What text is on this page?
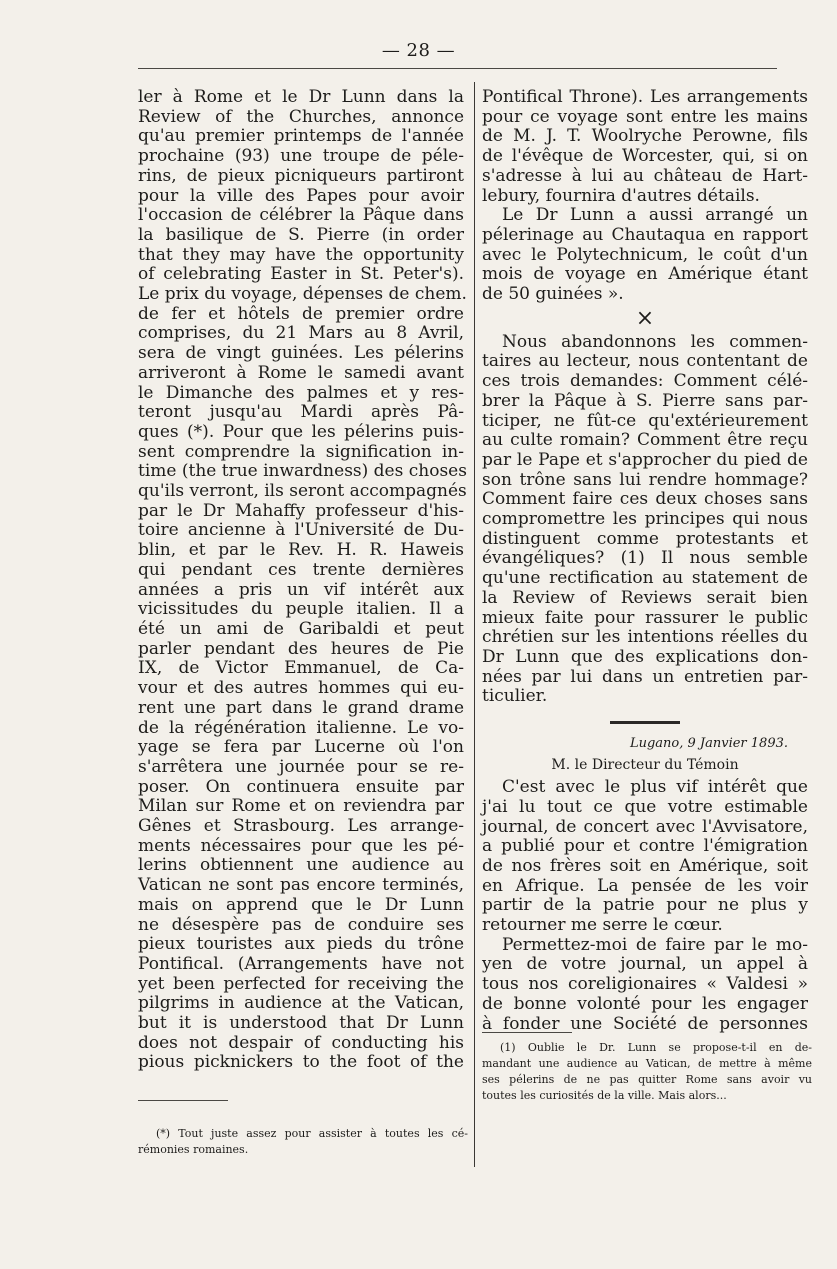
— 28 —
ler à Rome et le Dr Lunn dans la
Review of the Churches, annonce
qu'au premier printemps de l'année
prochaine (93) une troupe de péle-
rins, de pieux picniqueurs partiront
pour la ville des Papes pour avoir
l'occasion de célébrer la Pâque dans
la basilique de S. Pierre (in order
that they may have the opportunity
of celebrating Easter in St. Peter's).
Le prix du voyage, dépenses de chem.
de fer et hôtels de premier ordre
comprises, du 21 Mars au 8 Avril,
sera de vingt guinées. Les pélerins
arriveront à Rome le samedi avant
le Dimanche des palmes et y res-
teront jusqu'au Mardi après Pâ-
ques (*). Pour que les pélerins puis-
sent comprendre la signification in-
time (the true inwardness) des choses
qu'ils verront, ils seront accompagnés
par le Dr Mahaffy professeur d'his-
toire ancienne à l'Université de Du-
blin, et par le Rev. H. R. Haweis
qui pendant ces trente dernières
années a pris un vif intérêt aux
vicissitudes du peuple italien. Il a
été un ami de Garibaldi et peut
parler pendant des heures de Pie
IX, de Victor Emmanuel, de Ca-
vour et des autres hommes qui eu-
rent une part dans le grand drame
de la régénération italienne. Le vo-
yage se fera par Lucerne où l'on
s'arrêtera une journée pour se re-
poser. On continuera ensuite par
Milan sur Rome et on reviendra par
Gênes et Strasbourg. Les arrange-
ments nécessaires pour que les pé-
lerins obtiennent une audience au
Vatican ne sont pas encore terminés,
mais on apprend que le Dr Lunn
ne désespère pas de conduire ses
pieux touristes aux pieds du trône
Pontifical. (Arrangements have not
yet been perfected for receiving the
pilgrims in audience at the Vatican,
but it is understood that Dr Lunn
does not despair of conducting his
pious picknickers to the foot of the
Pontifical Throne). Les arrangements
pour ce voyage sont entre les mains
de M. J. T. Woolryche Perowne, fils
de l'évêque de Worcester, qui, si on
s'adresse à lui au château de Hart-
lebury, fournira d'autres détails.
Le Dr Lunn a aussi arrangé un
pélerinage au Chautaqua en rapport
avec le Polytechnicum, le coût d'un
mois de voyage en Amérique étant
de 50 guinées ».
×
Nous abandonnons les commen-
taires au lecteur, nous contentant de
ces trois demandes: Comment célé-
brer la Pâque à S. Pierre sans par-
ticiper, ne fût-ce qu'extérieurement
au culte romain? Comment être reçu
par le Pape et s'approcher du pied de
son trône sans lui rendre hommage?
Comment faire ces deux choses sans
compromettre les principes qui nous
distinguent comme protestants et
évangéliques? (1) Il nous semble
qu'une rectification au statement de
la Review of Reviews serait bien
mieux faite pour rassurer le public
chrétien sur les intentions réelles du
Dr Lunn que des explications don-
nées par lui dans un entretien par-
ticulier.
Lugano, 9 Janvier 1893.
M. le Directeur du Témoin
C'est avec le plus vif intérêt que
j'ai lu tout ce que votre estimable
journal, de concert avec l'Avvisatore,
a publié pour et contre l'émigration
de nos frères soit en Amérique, soit
en Afrique. La pensée de les voir
partir de la patrie pour ne plus y
retourner me serre le cœur.
Permettez-moi de faire par le mo-
yen de votre journal, un appel à
tous nos coreligionaires « Valdesi »
de bonne volonté pour les engager
à fonder une Société de personnes
(*) Tout juste assez pour assister à toutes les cé-
rémonies romaines.
(1) Oublie le Dr. Lunn se propose-t-il en de-
mandant une audience au Vatican, de mettre à même
ses pélerins de ne pas quitter Rome sans avoir vu
toutes les curiosités de la ville. Mais alors...
